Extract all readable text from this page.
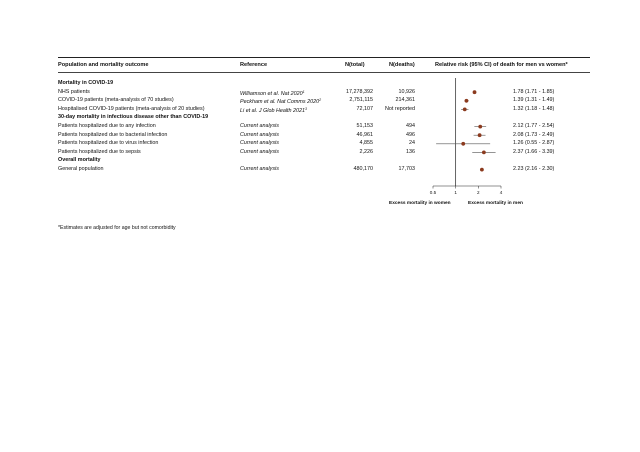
Population and mortality outcome	Reference	N(total)	N(deaths)	Relative risk (95% CI) of death for men vs women*
Mortality in COVID-19
NHS patients	Williamson et al. Nat 2020$^1$	17,278,392	10,926	1.78 (1.71 - 1.85)
COVID-19 patients (meta-analysis of 70 studies)	Peckham et al. Nat Comms 2020$^2$	2,751,115	214,361	1.39 (1.31 - 1.49)
Hospitalised COVID-19 patients (meta-analysis of 20 studies)	Li et al. J Glob Health 2021$^3$	72,107	Not reported	1.32 (1.18 - 1.48)
30-day mortality in infectious disease other than COVID-19
Patients hospitalized due to any infection	Current analysis	51,153	494	2.12 (1.77 - 2.54)
Patients hospitalized due to bacterial infection	Current analysis	46,961	496	2.08 (1.73 - 2.49)
Patients hospitalized due to virus infection	Current analysis	4,855	24	1.26 (0.55 - 2.87)
Patients hospitalized due to sepsis	Current analysis	2,226	136	2.37 (1.66 - 3.39)
Overall mortality
General population	Current analysis	480,170	17,703	2.23 (2.16 - 2.30)
0.5	1	2	4
Excess mortality in women	Excess mortality in men
*Estimates are adjusted for age but not comorbidity
